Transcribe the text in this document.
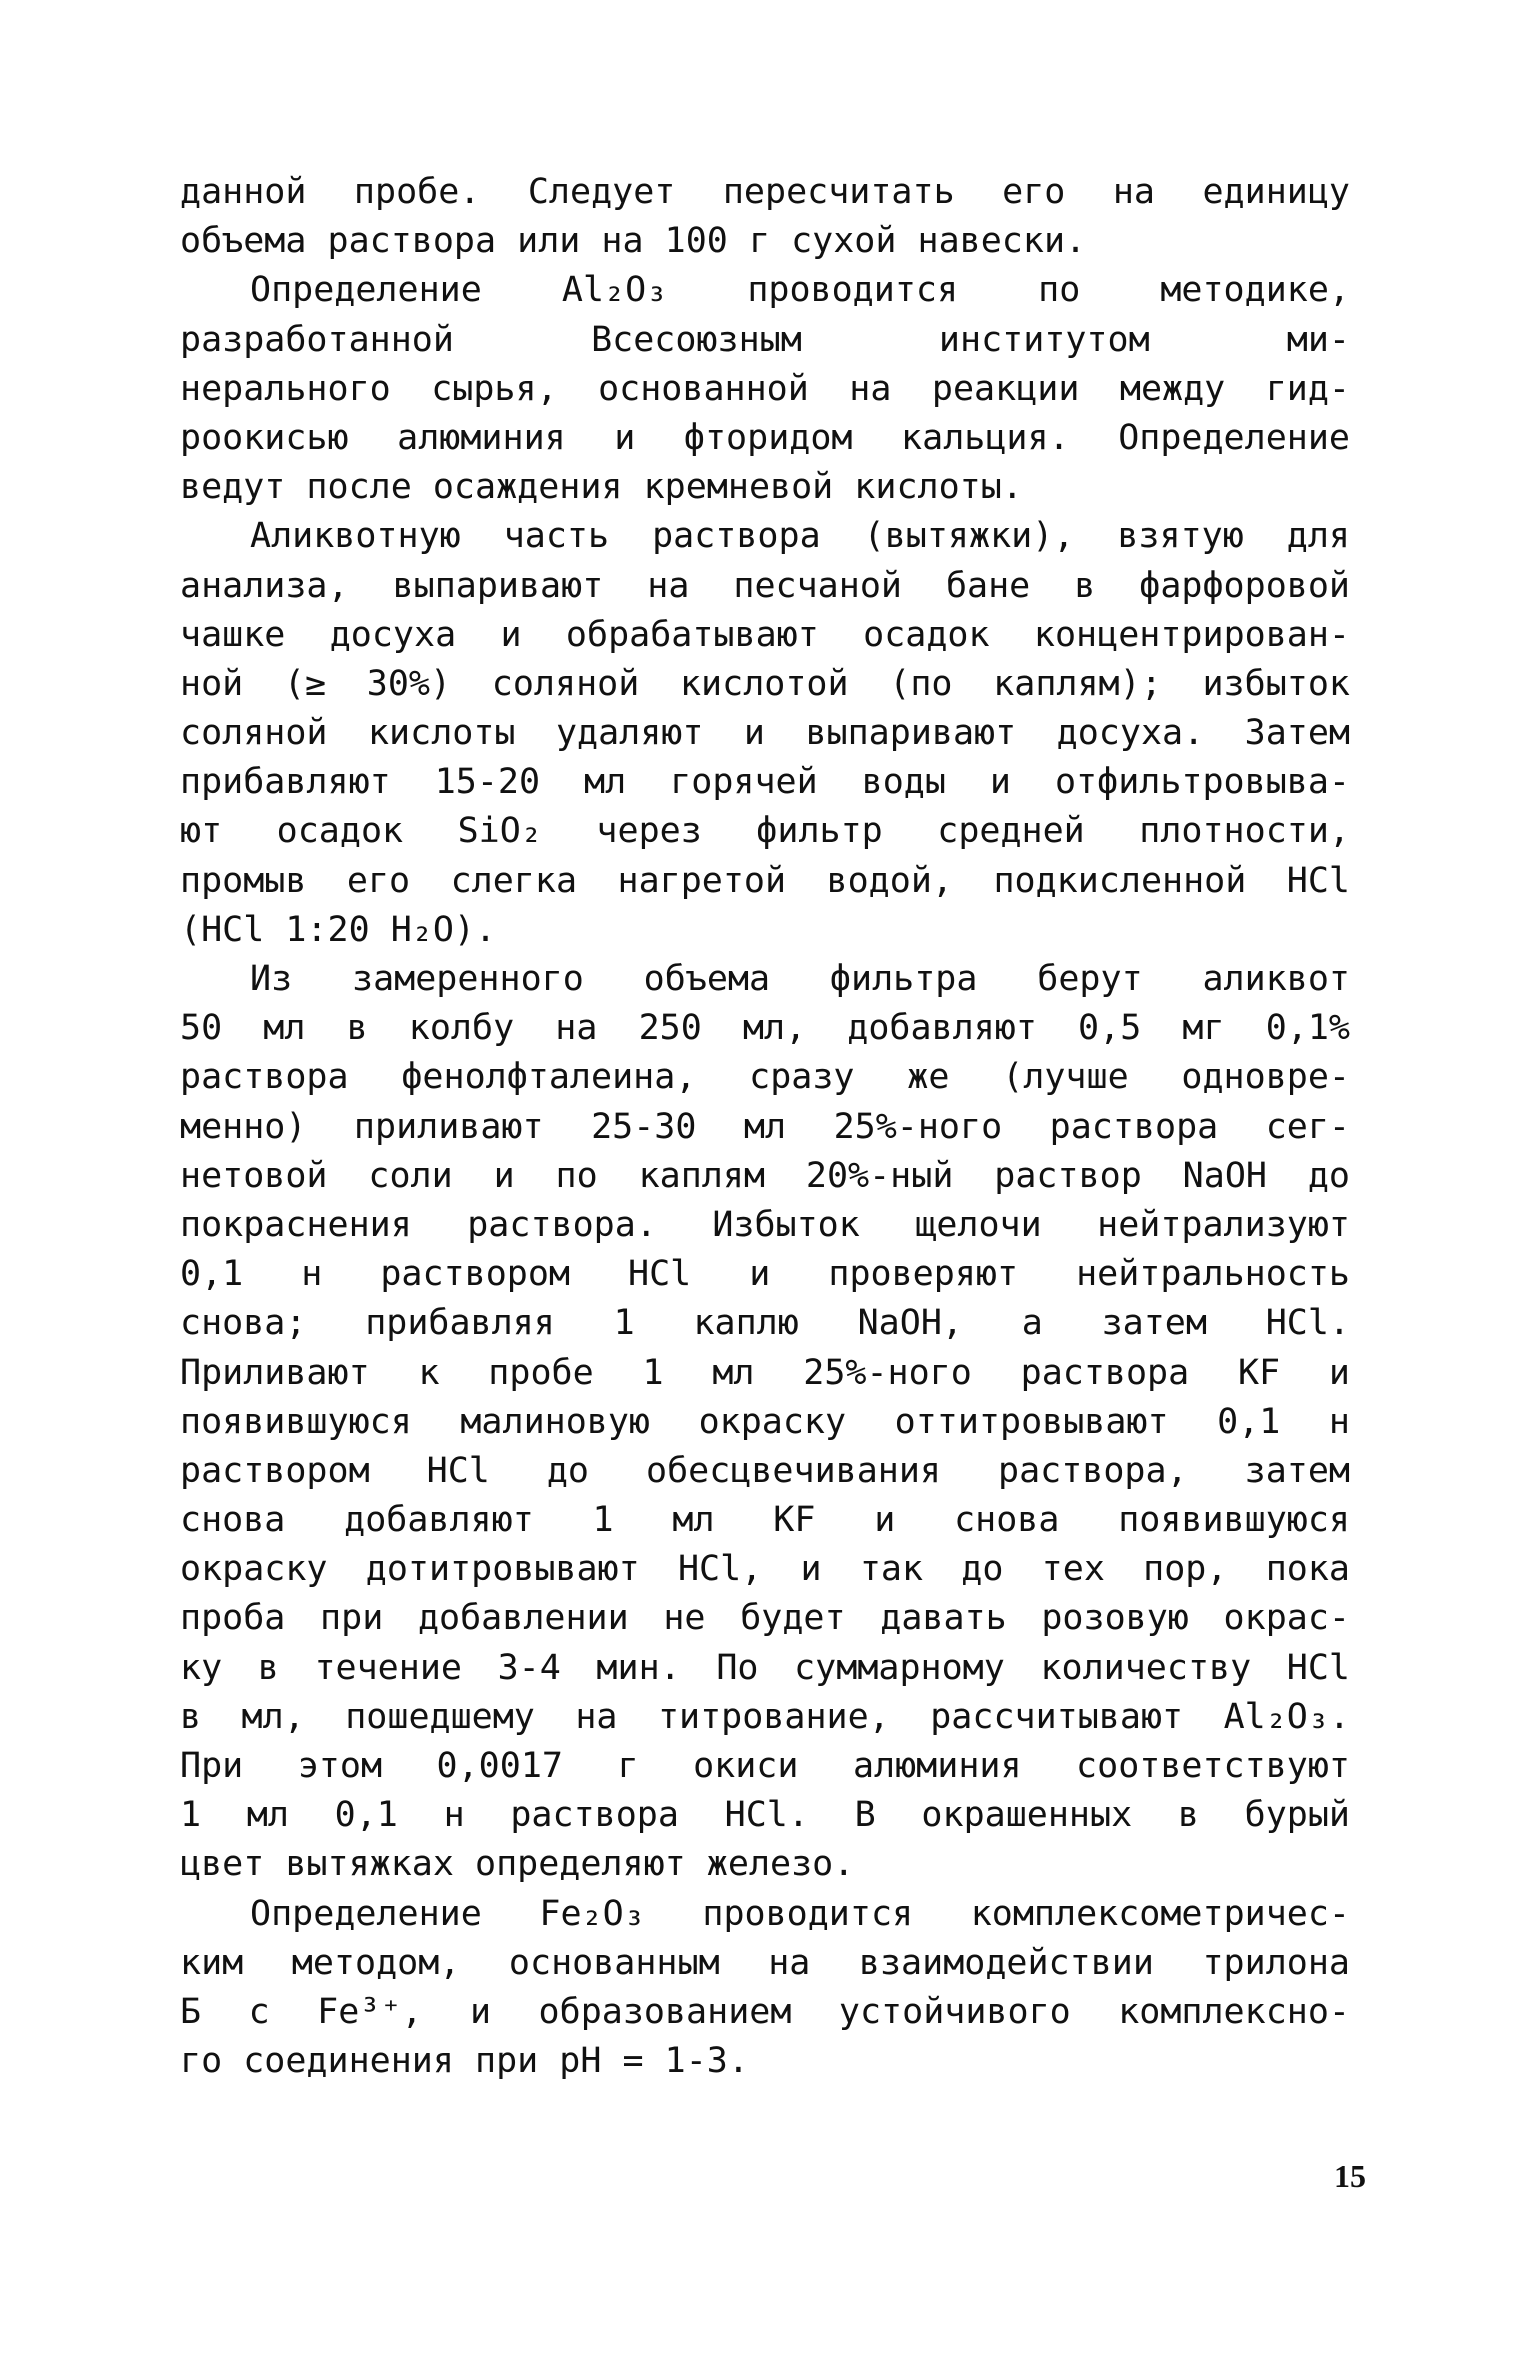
данной пробе. Следует пересчитать его на единицу
объема раствора или на 100 г сухой навески.
Определение Al₂O₃ проводится по методике,
разработанной Всесоюзным институтом ми-
нерального сырья, основанной на реакции между гид-
роокисью алюминия и фторидом кальция. Определение
ведут после осаждения кремневой кислоты.
Аликвотную часть раствора (вытяжки), взятую для
анализа, выпаривают на песчаной бане в фарфоровой
чашке досуха и обрабатывают осадок концентрирован-
ной (≥ 30%) соляной кислотой (по каплям); избыток
соляной кислоты удаляют и выпаривают досуха. Затем
прибавляют 15-20 мл горячей воды и отфильтровыва-
ют осадок SiO₂ через фильтр средней плотности,
промыв его слегка нагретой водой, подкисленной HCl
(HCl 1:20 H₂O).
Из замеренного объема фильтра берут аликвот
50 мл в колбу на 250 мл, добавляют 0,5 мг 0,1%
раствора фенолфталеина, сразу же (лучше одновре-
менно) приливают 25-30 мл 25%-ного раствора сег-
нетовой соли и по каплям 20%-ный раствор NaOH до
покраснения раствора. Избыток щелочи нейтрализуют
0,1 н раствором HCl и проверяют нейтральность
снова; прибавляя 1 каплю NaOH, а затем HCl.
Приливают к пробе 1 мл 25%-ного раствора KF и
появившуюся малиновую окраску оттитровывают 0,1 н
раствором HCl до обесцвечивания раствора, затем
снова добавляют 1 мл KF и снова появившуюся
окраску дотитровывают HCl, и так до тех пор, пока
проба при добавлении не будет давать розовую окрас-
ку в течение 3-4 мин. По суммарному количеству HCl
в мл, пошедшему на титрование, рассчитывают Al₂O₃.
При этом 0,0017 г окиси алюминия соответствуют
1 мл 0,1 н раствора HCl. В окрашенных в бурый
цвет вытяжках определяют железо.
Определение Fe₂O₃ проводится комплексометричес-
ким методом, основанным на взаимодействии трилона
Б с Fe³⁺, и образованием устойчивого комплексно-
го соединения при pH = 1-3.
15
